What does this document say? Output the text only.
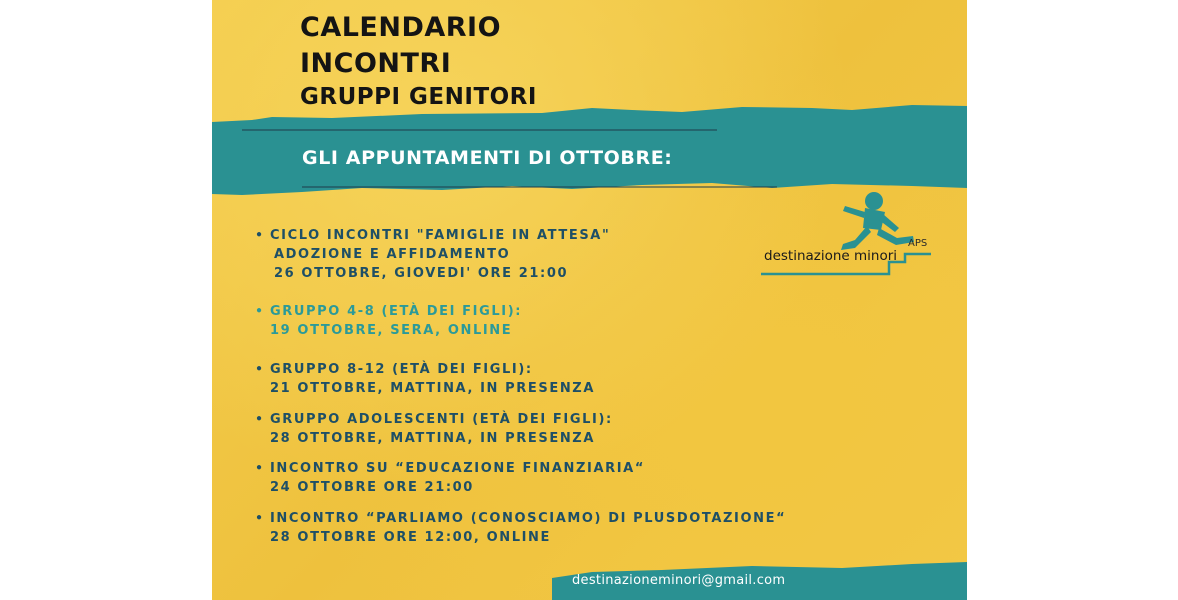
CALENDARIO
INCONTRI
GRUPPI GENITORI
GLI APPUNTAMENTI DI OTTOBRE:
● CICLO INCONTRI "FAMIGLIE IN ATTESA"
ADOZIONE E AFFIDAMENTO
26 OTTOBRE, GIOVEDI' ORE 21:00
● GRUPPO 4-8 (ETÀ DEI FIGLI):
19 OTTOBRE, SERA, ONLINE
● GRUPPO 8-12 (ETÀ DEI FIGLI):
21 OTTOBRE, MATTINA, IN PRESENZA
● GRUPPO ADOLESCENTI (ETÀ DEI FIGLI):
28 OTTOBRE, MATTINA, IN PRESENZA
● INCONTRO SU “EDUCAZIONE FINANZIARIA“
24 OTTOBRE ORE 21:00
● INCONTRO “PARLIAMO (CONOSCIAMO) DI PLUSDOTAZIONE“
28 OTTOBRE ORE 12:00, ONLINE
APS
destinazione minori

destinazioneminori@gmail.com
